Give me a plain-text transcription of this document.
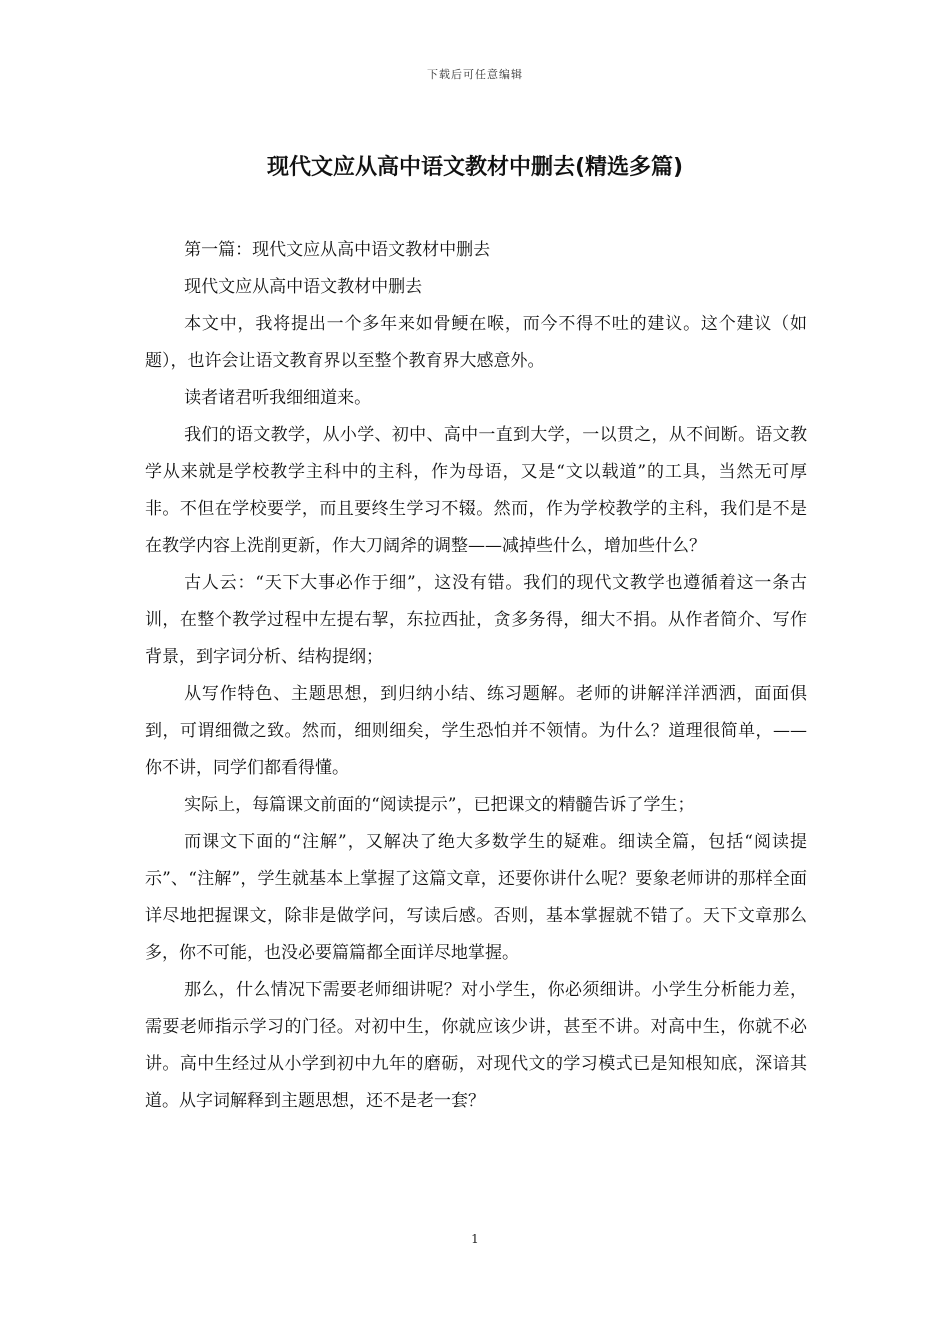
下载后可任意编辑
现代文应从高中语文教材中删去(精选多篇)

第一篇：现代文应从高中语文教材中删去

现代文应从高中语文教材中删去

本文中，我将提出一个多年来如骨鲠在喉，而今不得不吐的建议。这个建议（如题），也许会让语文教育界以至整个教育界大感意外。

读者诸君听我细细道来。

我们的语文教学，从小学、初中、高中一直到大学，一以贯之，从不间断。语文教学从来就是学校教学主科中的主科，作为母语，又是“文以载道”的工具，当然无可厚非。不但在学校要学，而且要终生学习不辍。然而，作为学校教学的主科，我们是不是在教学内容上洗削更新，作大刀阔斧的调整——减掉些什么，增加些什么？

古人云：“天下大事必作于细”，这没有错。我们的现代文教学也遵循着这一条古训，在整个教学过程中左提右挈，东拉西扯，贪多务得，细大不捐。从作者简介、写作背景，到字词分析、结构提纲；

从写作特色、主题思想，到归纳小结、练习题解。老师的讲解洋洋洒洒，面面俱到，可谓细微之致。然而，细则细矣，学生恐怕并不领情。为什么？道理很简单，——你不讲，同学们都看得懂。

实际上，每篇课文前面的“阅读提示”，已把课文的精髓告诉了学生；

而课文下面的“注解”，又解决了绝大多数学生的疑难。细读全篇，包括“阅读提示”、“注解”，学生就基本上掌握了这篇文章，还要你讲什么呢？要象老师讲的那样全面详尽地把握课文，除非是做学问，写读后感。否则，基本掌握就不错了。天下文章那么多，你不可能，也没必要篇篇都全面详尽地掌握。

那么，什么情况下需要老师细讲呢？对小学生，你必须细讲。小学生分析能力差，需要老师指示学习的门径。对初中生，你就应该少讲，甚至不讲。对高中生，你就不必讲。高中生经过从小学到初中九年的磨砺，对现代文的学习模式已是知根知底，深谙其道。从字词解释到主题思想，还不是老一套？

1
